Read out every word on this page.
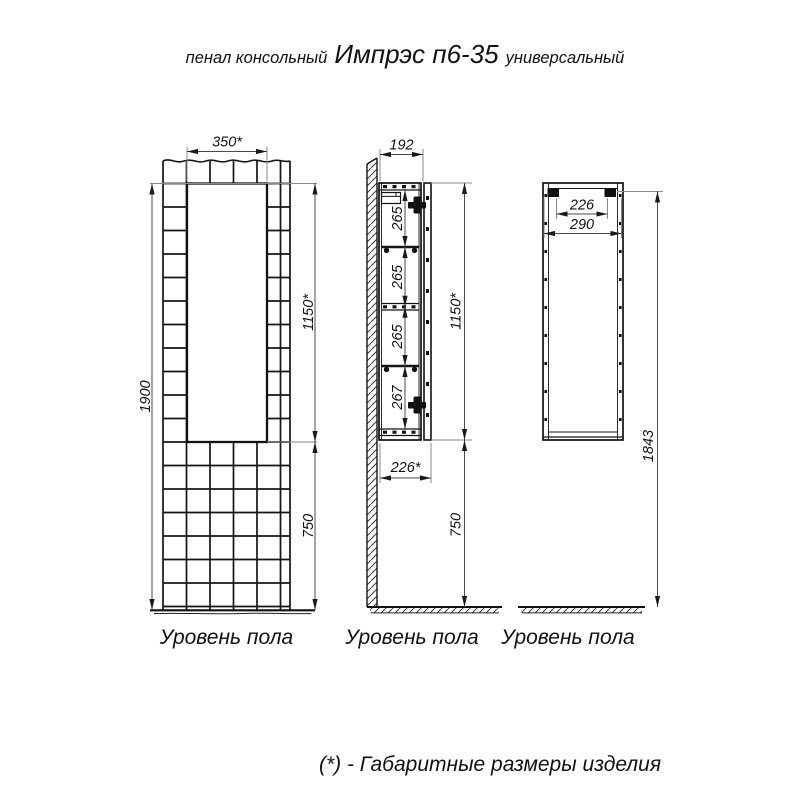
пенал консольный Импрэс п6-35 универсальный
350*
1900
1150*
750
Уровень пола
192
265
265
265
267
1150*
226*
750
Уровень пола
226
290
1843
Уровень пола
(*) - Габаритные размеры изделия
